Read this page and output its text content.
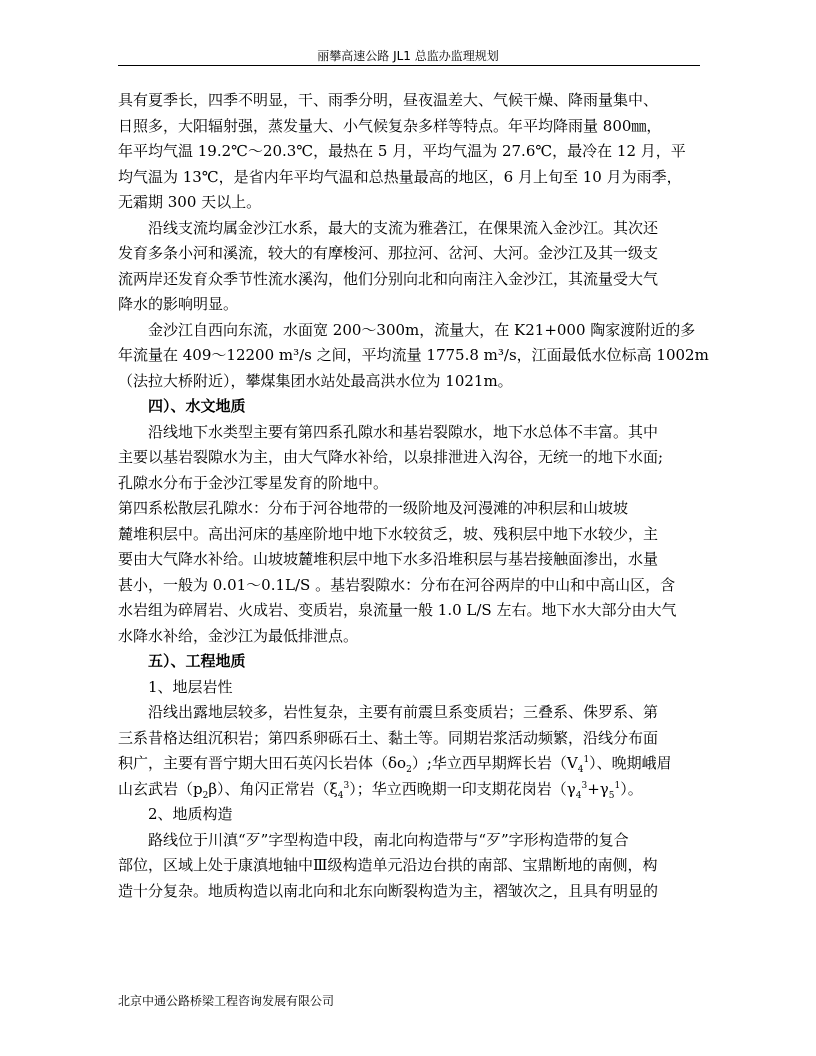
丽攀高速公路 JL1 总监办监理规划

具有夏季长，四季不明显，干、雨季分明，昼夜温差大、气候干燥、降雨量集中、
日照多，大阳辐射强，蒸发量大、小气候复杂多样等特点。年平均降雨量 800㎜，
年平均气温 19.2℃～20.3℃，最热在 5 月，平均气温为 27.6℃，最冷在 12 月，平
均气温为 13℃，是省内年平均气温和总热量最高的地区，6 月上旬至 10 月为雨季，
无霜期 300 天以上。

沿线支流均属金沙江水系，最大的支流为雅砻江，在倮果流入金沙江。其次还
发育多条小河和溪流，较大的有摩梭河、那拉河、岔河、大河。金沙江及其一级支
流两岸还发育众季节性流水溪沟，他们分别向北和向南注入金沙江，其流量受大气
降水的影响明显。

金沙江自西向东流，水面宽 200～300m，流量大，在 K21+000 陶家渡附近的多
年流量在 409～12200 m³/s 之间，平均流量 1775.8 m³/s，江面最低水位标高 1002m
（法拉大桥附近），攀煤集团水站处最高洪水位为 1021m。

四）、水文地质

沿线地下水类型主要有第四系孔隙水和基岩裂隙水，地下水总体不丰富。其中
主要以基岩裂隙水为主，由大气降水补给，以泉排泄进入沟谷，无统一的地下水面;
孔隙水分布于金沙江零星发育的阶地中。

第四系松散层孔隙水：分布于河谷地带的一级阶地及河漫滩的冲积层和山坡坡
麓堆积层中。高出河床的基座阶地中地下水较贫乏，坡、残积层中地下水较少，主
要由大气降水补给。山坡坡麓堆积层中地下水多沿堆积层与基岩接触面渗出，水量
甚小，一般为 0.01～0.1L/S 。基岩裂隙水：分布在河谷两岸的中山和中高山区，含
水岩组为碎屑岩、火成岩、变质岩，泉流量一般 1.0 L/S 左右。地下水大部分由大气
水降水补给，金沙江为最低排泄点。

五）、工程地质

1、地层岩性

沿线出露地层较多，岩性复杂，主要有前震旦系变质岩；三叠系、侏罗系、第
三系昔格达组沉积岩；第四系卵砾石土、黏土等。同期岩浆活动频繁，沿线分布面
积广，主要有晋宁期大田石英闪长岩体$(\delta o_2)$;华立西早期辉长岩$(V_4^1)$、晚期峨眉
山玄武岩$(p_2\beta)$、角闪正常岩$(\xi_4^3)$；华立西晚期一印支期花岗岩$(\gamma_4^3+\gamma_5^1)$。

2、地质构造

路线位于川滇“歹”字型构造中段，南北向构造带与“歹”字形构造带的复合
部位，区域上处于康滇地轴中Ⅲ级构造单元沿边台拱的南部、宝鼎断地的南侧，构
造十分复杂。地质构造以南北向和北东向断裂构造为主，褶皱次之，且具有明显的

北京中通公路桥梁工程咨询发展有限公司
